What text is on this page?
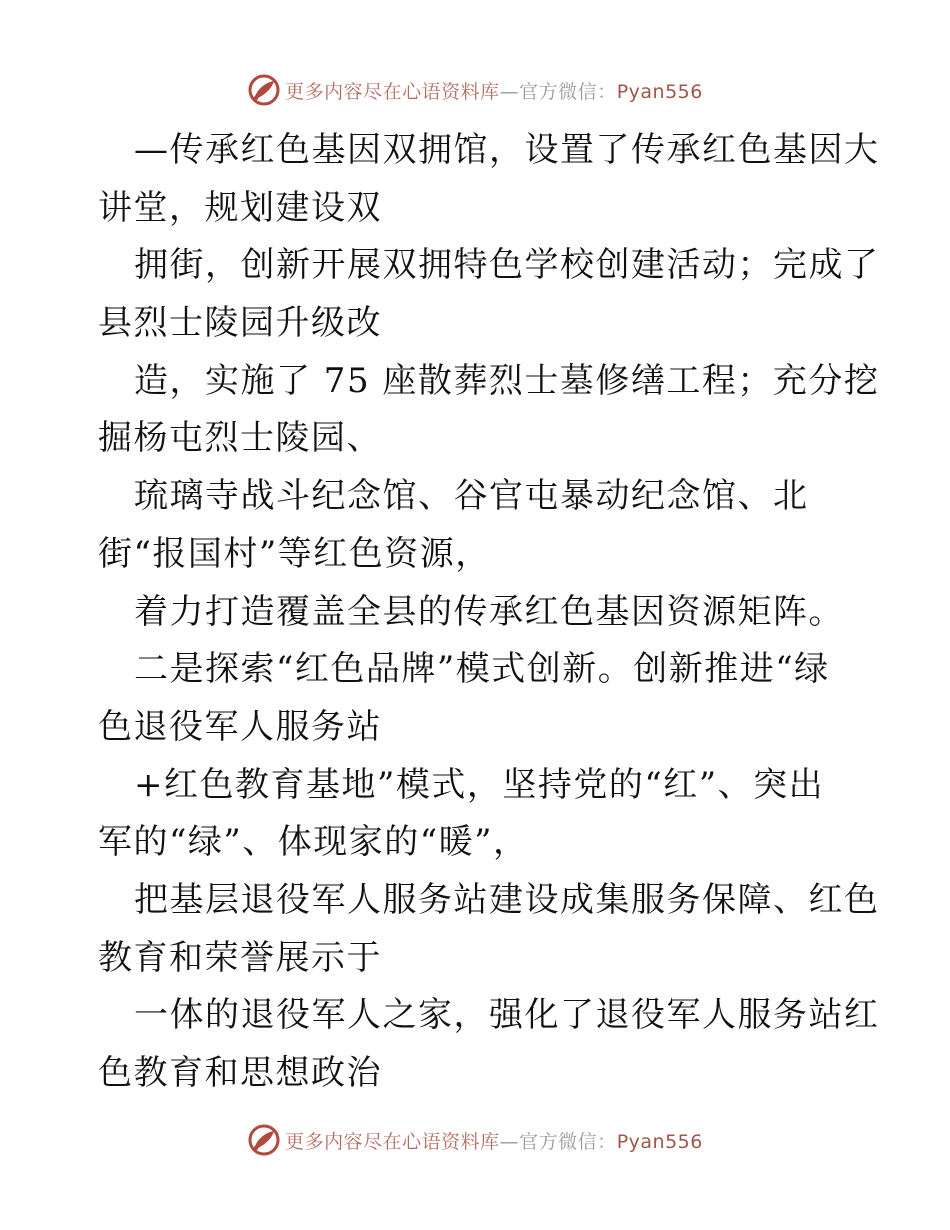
更多内容尽在心语资料库—官方微信：Pyan556
—传承红色基因双拥馆，设置了传承红色基因大
讲堂，规划建设双
拥街，创新开展双拥特色学校创建活动；完成了
县烈士陵园升级改
造，实施了 75 座散葬烈士墓修缮工程；充分挖
掘杨屯烈士陵园、
琉璃寺战斗纪念馆、谷官屯暴动纪念馆、北
街“报国村”等红色资源，
着力打造覆盖全县的传承红色基因资源矩阵。
二是探索“红色品牌”模式创新。创新推进“绿
色退役军人服务站
+红色教育基地”模式，坚持党的“红”、突出
军的“绿”、体现家的“暖”，
把基层退役军人服务站建设成集服务保障、红色
教育和荣誉展示于
一体的退役军人之家，强化了退役军人服务站红
色教育和思想政治
更多内容尽在心语资料库—官方微信：Pyan556
